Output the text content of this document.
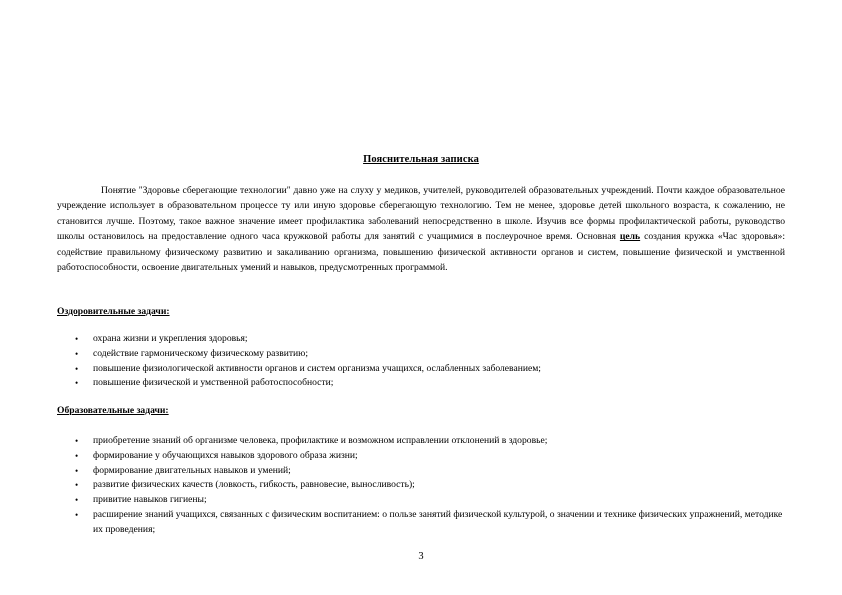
Пояснительная записка

Понятие "Здоровье сберегающие технологии" давно уже на слуху у медиков, учителей, руководителей образовательных учреждений. Почти каждое образовательное учреждение использует в образовательном процессе ту или иную здоровье сберегающую технологию. Тем не менее, здоровье детей школьного возраста, к сожалению, не становится лучше. Поэтому, такое важное значение имеет профилактика заболеваний непосредственно в школе. Изучив все формы профилактической работы, руководство школы остановилось на предоставление одного часа кружковой работы для занятий с учащимися в послеурочное время. Основная цель создания кружка «Час здоровья»: содействие правильному физическому развитию и закаливанию организма, повышению физической активности органов и систем, повышение физической и умственной работоспособности, освоение двигательных умений и навыков, предусмотренных программой.

Оздоровительные задачи:
• охрана жизни и укрепления здоровья;
• содействие гармоническому физическому развитию;
• повышение физиологической активности органов и систем организма учащихся, ослабленных заболеванием;
• повышение физической и умственной работоспособности;
Образовательные задачи:
• приобретение знаний об организме человека, профилактике и возможном исправлении отклонений в здоровье;
• формирование у обучающихся навыков здорового образа жизни;
• формирование двигательных навыков и умений;
• развитие физических качеств (ловкость, гибкость, равновесие, выносливость);
• привитие навыков гигиены;
• расширение знаний учащихся, связанных с физическим воспитанием: о пользе занятий физической культурой, о значении и технике физических упражнений, методике их проведения;
3
